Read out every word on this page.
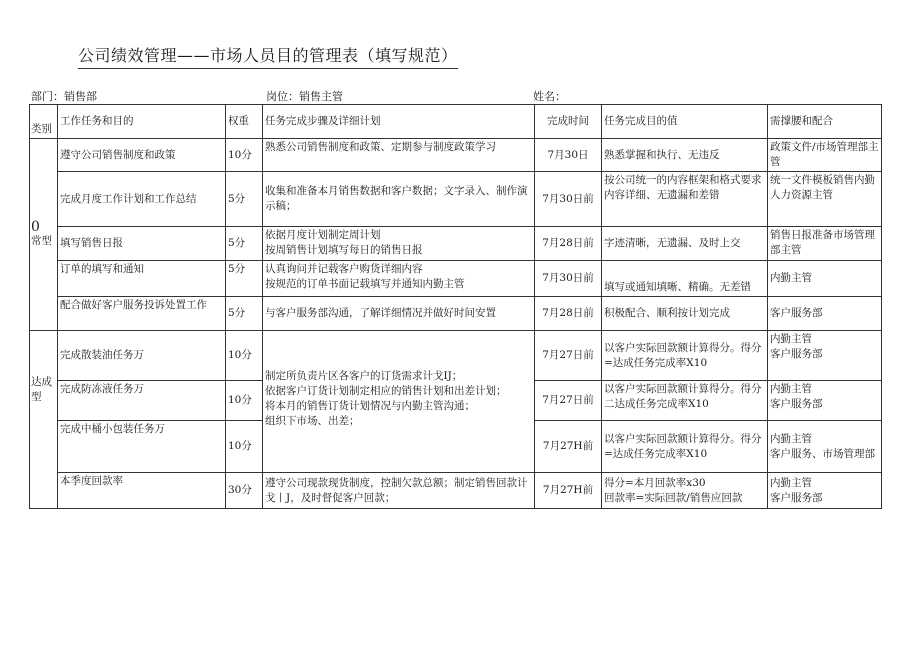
公司绩效管理——市场人员目的管理表（填写规范）
部门：销售部	岗位：销售主管	姓名：
类别	工作任务和目的	权重	任务完成步骤及详细计划	完成时间	任务完成目的值	需撑腰和配合

0
常型	遵守公司销售制度和政策	10分	熟悉公司销售制度和政策、定期参与制度政策学习	7月30日	熟悉掌握和执行、无违反	政策文件/市场管理部主管
	完成月度工作计划和工作总结	5分	收集和准备本月销售数据和客户数据；文字录入、制作演示稿；	7月30日前	按公司统一的内容框架和格式要求内容详细、无遗漏和差错	统一文件模板销售内勤人力资源主管
	填写销售日报	5分	依据月度计划制定周计划
按周销售计划填写每日的销售日报	7月28日前	字迹清晰，无遗漏、及时上交	销售日报准备市场管理部主管
	订单的填写和通知	5分	认真询问并记载客户购货详细内容
按规范的订单书面记载填写并通知内勤主管	7月30日前	填写或通知填晰、精确。无差错	内勤主管
	配合做好客户服务投诉处置工作	5分	与客户服务部沟通，了解详细情况并做好时间安置	7月28日前	积极配合、顺利按计划完成	客户服务部
达成型	完成散装油任务万	10分	制定所负责片区各客户的订货需求计戈IJ；
依据客户订货计划制定相应的销售计划和出差计划；
将本月的销售订货计划情况与内勤主管沟通；
组织下市场、出差；	7月27日前	以客户实际回款额计算得分。得分=达成任务完成率X10	内勤主管
客户服务部
	完成防冻液任务万	10分		7月27日前	以客户实际回款额计算得分。得分二达成任务完成率X10	内勤主管
客户服务部
	完成中桶小包装任务万	10分		7月27H前	以客户实际回款额计算得分。得分=达成任务完成率X10	内勤主管
客户服务、市场管理部
	本季度回款率	30分	遵守公司现款现货制度，控制欠款总额；制定销售回款计戈丨J，及时督促客户回款；	7月27H前	得分=本月回款率x30
回款率=实际回款/销售应回款	内勤主管
客户服务部
